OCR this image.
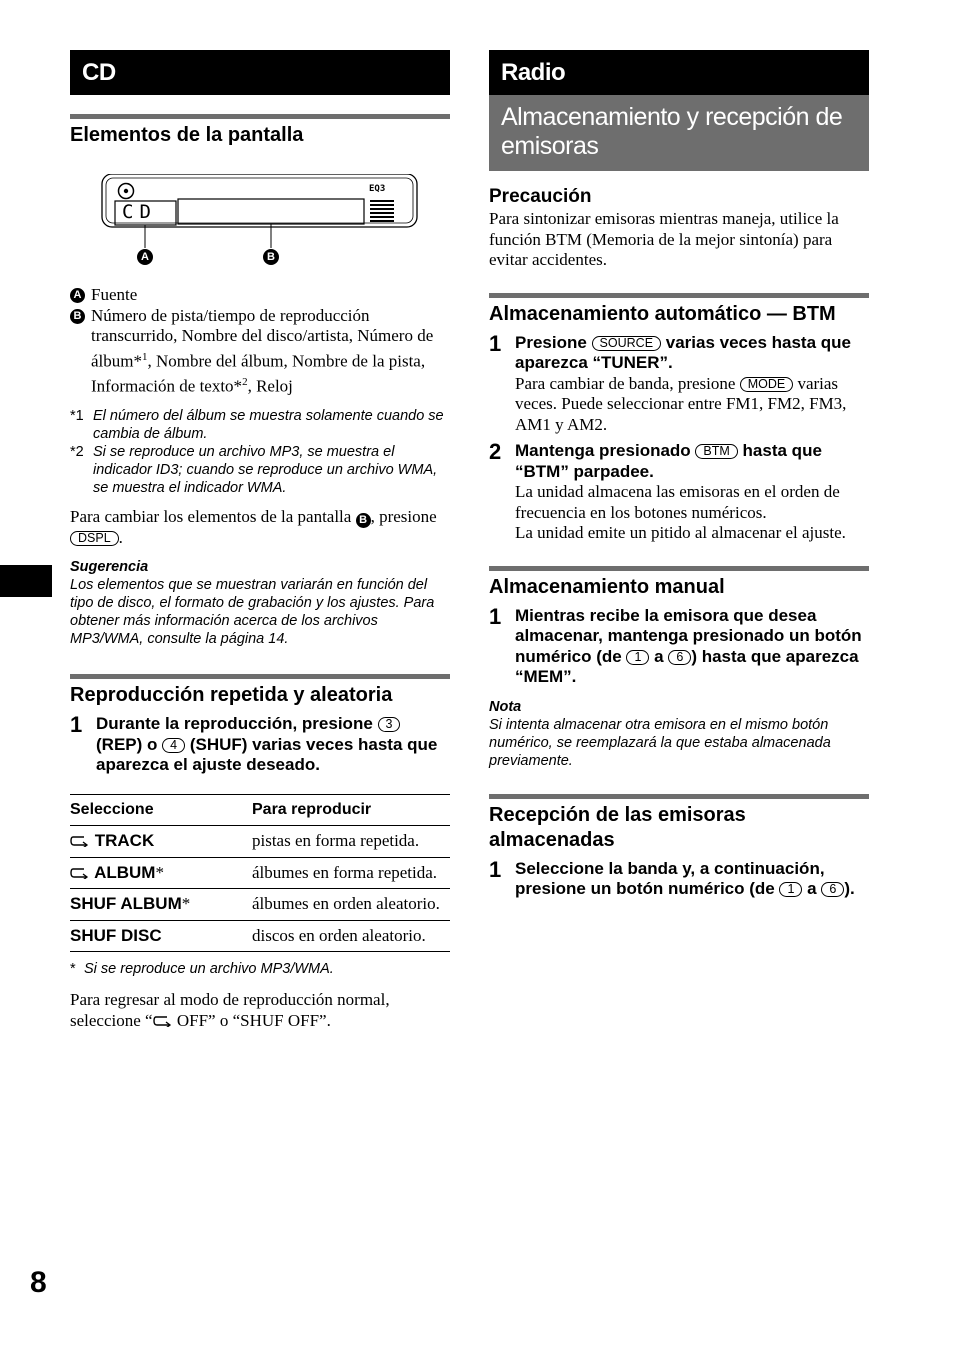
CD
Elementos de la pantalla
EQ3
CD
A	B
A Fuente
B Número de pista/tiempo de reproducción transcurrido, Nombre del disco/artista, Número de álbum*$^1$, Nombre del álbum, Nombre de la pista, Información de texto*$^2$, Reloj
*1 El número del álbum se muestra solamente cuando se cambia de álbum.
*2 Si se reproduce un archivo MP3, se muestra el indicador ID3; cuando se reproduce un archivo WMA, se muestra el indicador WMA.

Para cambiar los elementos de la pantalla B , presione DSPL .

Sugerencia
Los elementos que se muestran variarán en función del tipo de disco, el formato de grabación y los ajustes. Para obtener más información acerca de los archivos MP3/WMA, consulte la página 14.
Reproducción repetida y aleatoria
1 Durante la reproducción, presione 3 (REP) o 4 (SHUF) varias veces hasta que aparezca el ajuste deseado.
Seleccione	Para reproducir
TRACK	pistas en forma repetida.
ALBUM*	álbumes en forma repetida.
SHUF ALBUM*	álbumes en orden aleatorio.
SHUF DISC	discos en orden aleatorio.
* Si se reproduce un archivo MP3/WMA.

Para regresar al modo de reproducción normal, seleccione “ OFF” o “SHUF OFF”.

Radio
Almacenamiento y recepción de emisoras
Precaución

Para sintonizar emisoras mientras maneja, utilice la función BTM (Memoria de la mejor sintonía) para evitar accidentes.

Almacenamiento automático — BTM
1 Presione SOURCE varias veces hasta que aparezca “TUNER”.

Para cambiar de banda, presione MODE varias veces. Puede seleccionar entre FM1, FM2, FM3, AM1 y AM2.

2 Mantenga presionado BTM hasta que “BTM” parpadee.

La unidad almacena las emisoras en el orden de frecuencia en los botones numéricos.

La unidad emite un pitido al almacenar el ajuste.

Almacenamiento manual
1 Mientras recibe la emisora que desea almacenar, mantenga presionado un botón numérico (de 1 a 6 ) hasta que aparezca “MEM”.
Nota
Si intenta almacenar otra emisora en el mismo botón numérico, se reemplazará la que estaba almacenada previamente.
Recepción de las emisoras almacenadas
1 Seleccione la banda y, a continuación, presione un botón numérico (de 1 a 6 ).
8
